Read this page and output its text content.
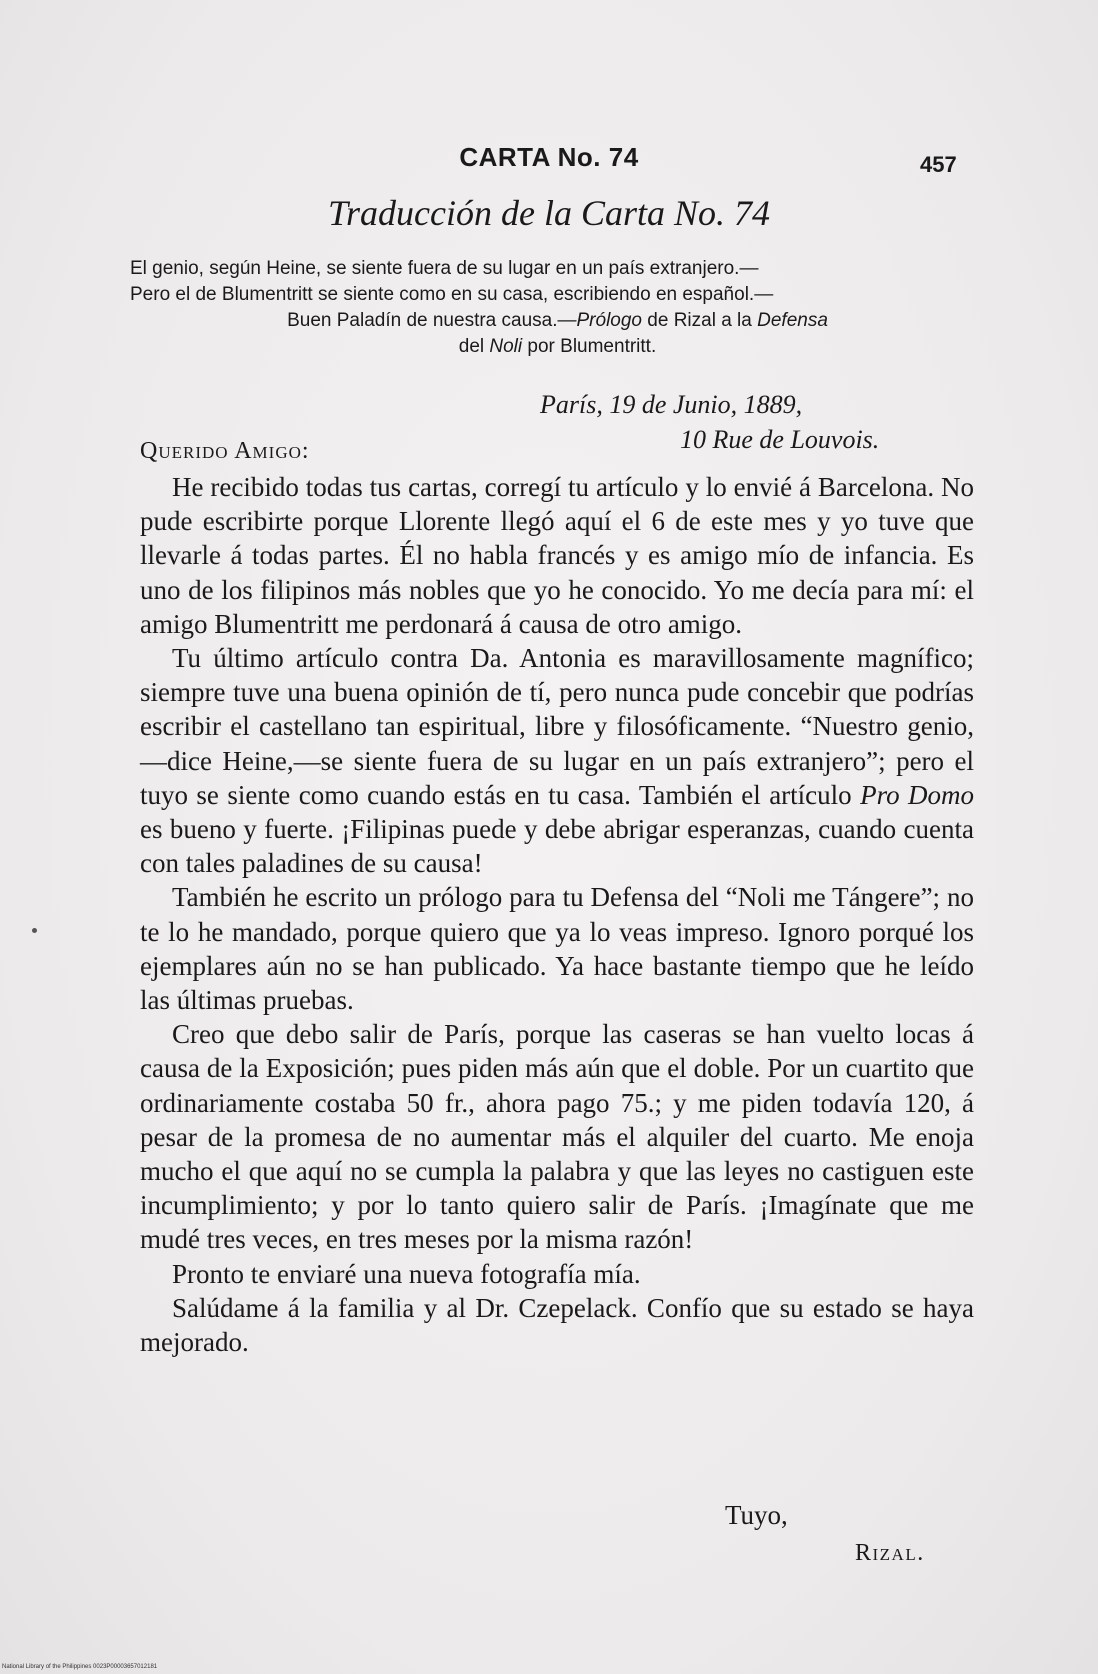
CARTA No. 74	457
Traducción de la Carta No. 74
El genio, según Heine, se siente fuera de su lugar en un país extranjero.—
Pero el de Blumentritt se siente como en su casa, escribiendo en español.—
Buen Paladín de nuestra causa.—Prólogo de Rizal a la Defensa
del Noli por Blumentritt.
París, 19 de Junio, 1889,
10 Rue de Louvois.
Querido Amigo:

He recibido todas tus cartas, corregí tu artículo y lo envié á Barcelona. No pude escribirte porque Llorente llegó aquí el 6 de este mes y yo tuve que llevarle á todas partes. Él no habla francés y es amigo mío de infancia. Es uno de los filipinos más nobles que yo he conocido. Yo me decía para mí: el amigo Blumentritt me perdonará á causa de otro amigo.

Tu último artículo contra Da. Antonia es maravillosamente magnífico; siempre tuve una buena opinión de tí, pero nunca pude concebir que podrías escribir el castellano tan espiritual, libre y filosóficamente. “Nuestro genio,—dice Heine,—se siente fuera de su lugar en un país extranjero”; pero el tuyo se siente como cuando estás en tu casa. También el artículo Pro Domo es bueno y fuerte. ¡Filipinas puede y debe abrigar esperanzas, cuando cuenta con tales paladines de su causa!

También he escrito un prólogo para tu Defensa del “Noli me Tángere”; no te lo he mandado, porque quiero que ya lo veas impreso. Ignoro porqué los ejemplares aún no se han publicado. Ya hace bastante tiempo que he leído las últimas pruebas.

Creo que debo salir de París, porque las caseras se han vuelto locas á causa de la Exposición; pues piden más aún que el doble. Por un cuartito que ordinariamente costaba 50 fr., ahora pago 75.; y me piden todavía 120, á pesar de la promesa de no aumentar más el alquiler del cuarto. Me enoja mucho el que aquí no se cumpla la palabra y que las leyes no castiguen este incumplimiento; y por lo tanto quiero salir de París. ¡Imagínate que me mudé tres veces, en tres meses por la misma razón!

Pronto te enviaré una nueva fotografía mía.

Salúdame á la familia y al Dr. Czepelack. Confío que su estado se haya mejorado.

Tuyo,
Rizal.
National Library of the Philippines 0023P00003657012181
